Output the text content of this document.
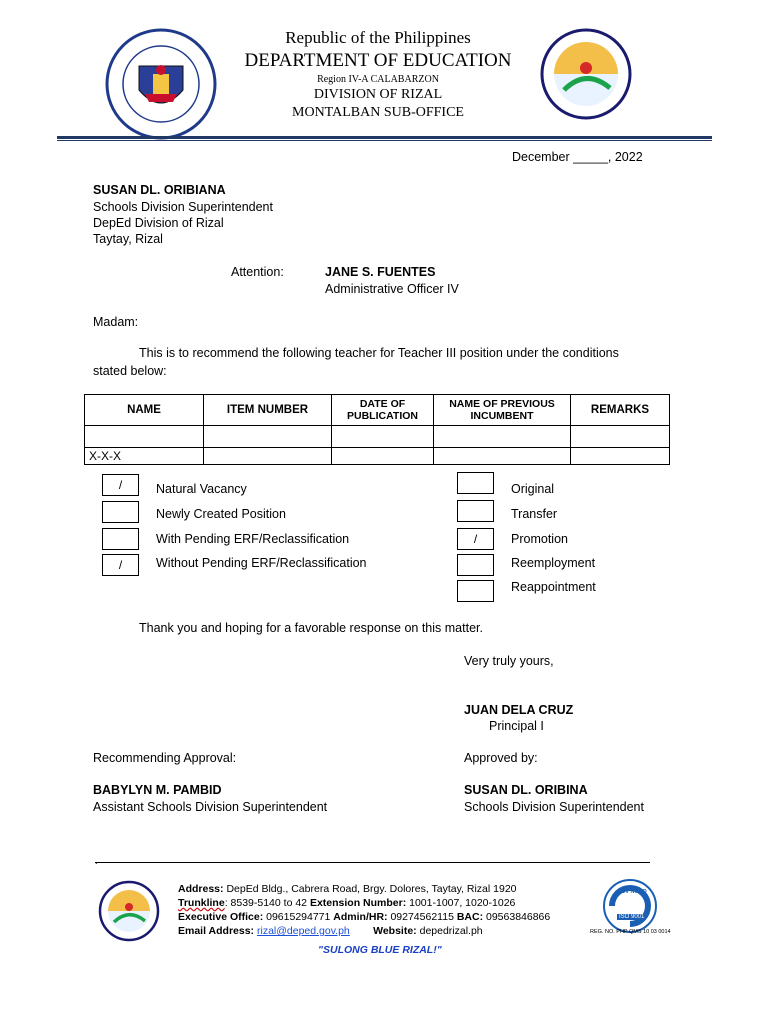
Republic of the Philippines
DEPARTMENT OF EDUCATION
Region IV-A CALABARZON
DIVISION OF RIZAL
MONTALBAN SUB-OFFICE
December _____, 2022
SUSAN DL. ORIBIANA
Schools Division Superintendent
DepEd Division of Rizal
Taytay, Rizal
Attention:	JANE S. FUENTES
Administrative Officer IV
Madam:
This is to recommend the following teacher for Teacher III position under the conditions
stated below:
NAME	ITEM NUMBER	DATE OF PUBLICATION	NAME OF PREVIOUS INCUMBENT	REMARKS

X-X-X				
/	Natural Vacancy
Newly Created Position
With Pending ERF/Reclassification
/	Without Pending ERF/Reclassification
Original
Transfer
/	Promotion
Reemployment
Reappointment
Thank you and hoping for a favorable response on this matter.
Very truly yours,
JUAN DELA CRUZ
Principal I
Recommending Approval:	Approved by:
BABYLYN M. PAMBID
Assistant Schools Division Superintendent
SUSAN DL. ORIBINA
Schools Division Superintendent
.
Address: DepEd Bldg., Cabrera Road, Brgy. Dolores, Taytay, Rizal 1920
Trunkline: 8539-5140 to 42 Extension Number: 1001-1007, 1020-1026
Executive Office: 09615294771 Admin/HR: 09274562115 BAC: 09563846866
Email Address: rizal@deped.gov.ph Website: depedrizal.ph
"SULONG BLUE RIZAL!"
TÜV NORD
ISO 9001
REG. NO. PHP QMS 10 03 0014
